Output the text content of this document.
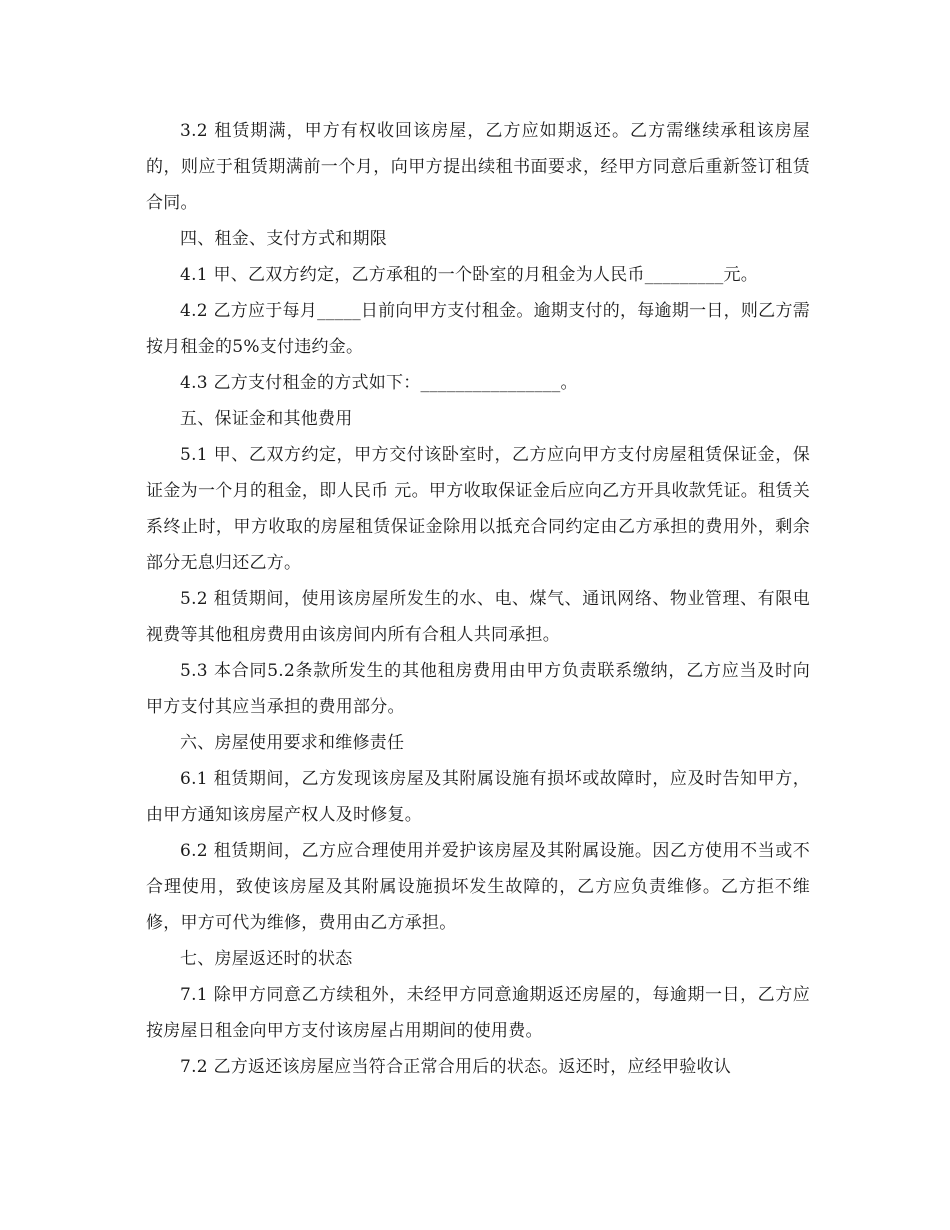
3.2 租赁期满，甲方有权收回该房屋，乙方应如期返还。乙方需继续承租该房屋的，则应于租赁期满前一个月，向甲方提出续租书面要求，经甲方同意后重新签订租赁合同。

四、租金、支付方式和期限

4.1 甲、乙双方约定，乙方承租的一个卧室的月租金为人民币_________元。

4.2 乙方应于每月_____日前向甲方支付租金。逾期支付的，每逾期一日，则乙方需按月租金的5%支付违约金。

4.3 乙方支付租金的方式如下：________________。

五、保证金和其他费用

5.1 甲、乙双方约定，甲方交付该卧室时，乙方应向甲方支付房屋租赁保证金，保证金为一个月的租金，即人民币 元。甲方收取保证金后应向乙方开具收款凭证。租赁关系终止时，甲方收取的房屋租赁保证金除用以抵充合同约定由乙方承担的费用外，剩余部分无息归还乙方。

5.2 租赁期间，使用该房屋所发生的水、电、煤气、通讯网络、物业管理、有限电视费等其他租房费用由该房间内所有合租人共同承担。

5.3 本合同5.2条款所发生的其他租房费用由甲方负责联系缴纳，乙方应当及时向甲方支付其应当承担的费用部分。

六、房屋使用要求和维修责任

6.1 租赁期间，乙方发现该房屋及其附属设施有损坏或故障时，应及时告知甲方，由甲方通知该房屋产权人及时修复。

6.2 租赁期间，乙方应合理使用并爱护该房屋及其附属设施。因乙方使用不当或不合理使用，致使该房屋及其附属设施损坏发生故障的，乙方应负责维修。乙方拒不维修，甲方可代为维修，费用由乙方承担。

七、房屋返还时的状态

7.1 除甲方同意乙方续租外，未经甲方同意逾期返还房屋的，每逾期一日，乙方应按房屋日租金向甲方支付该房屋占用期间的使用费。

7.2 乙方返还该房屋应当符合正常合用后的状态。返还时，应经甲验收认
